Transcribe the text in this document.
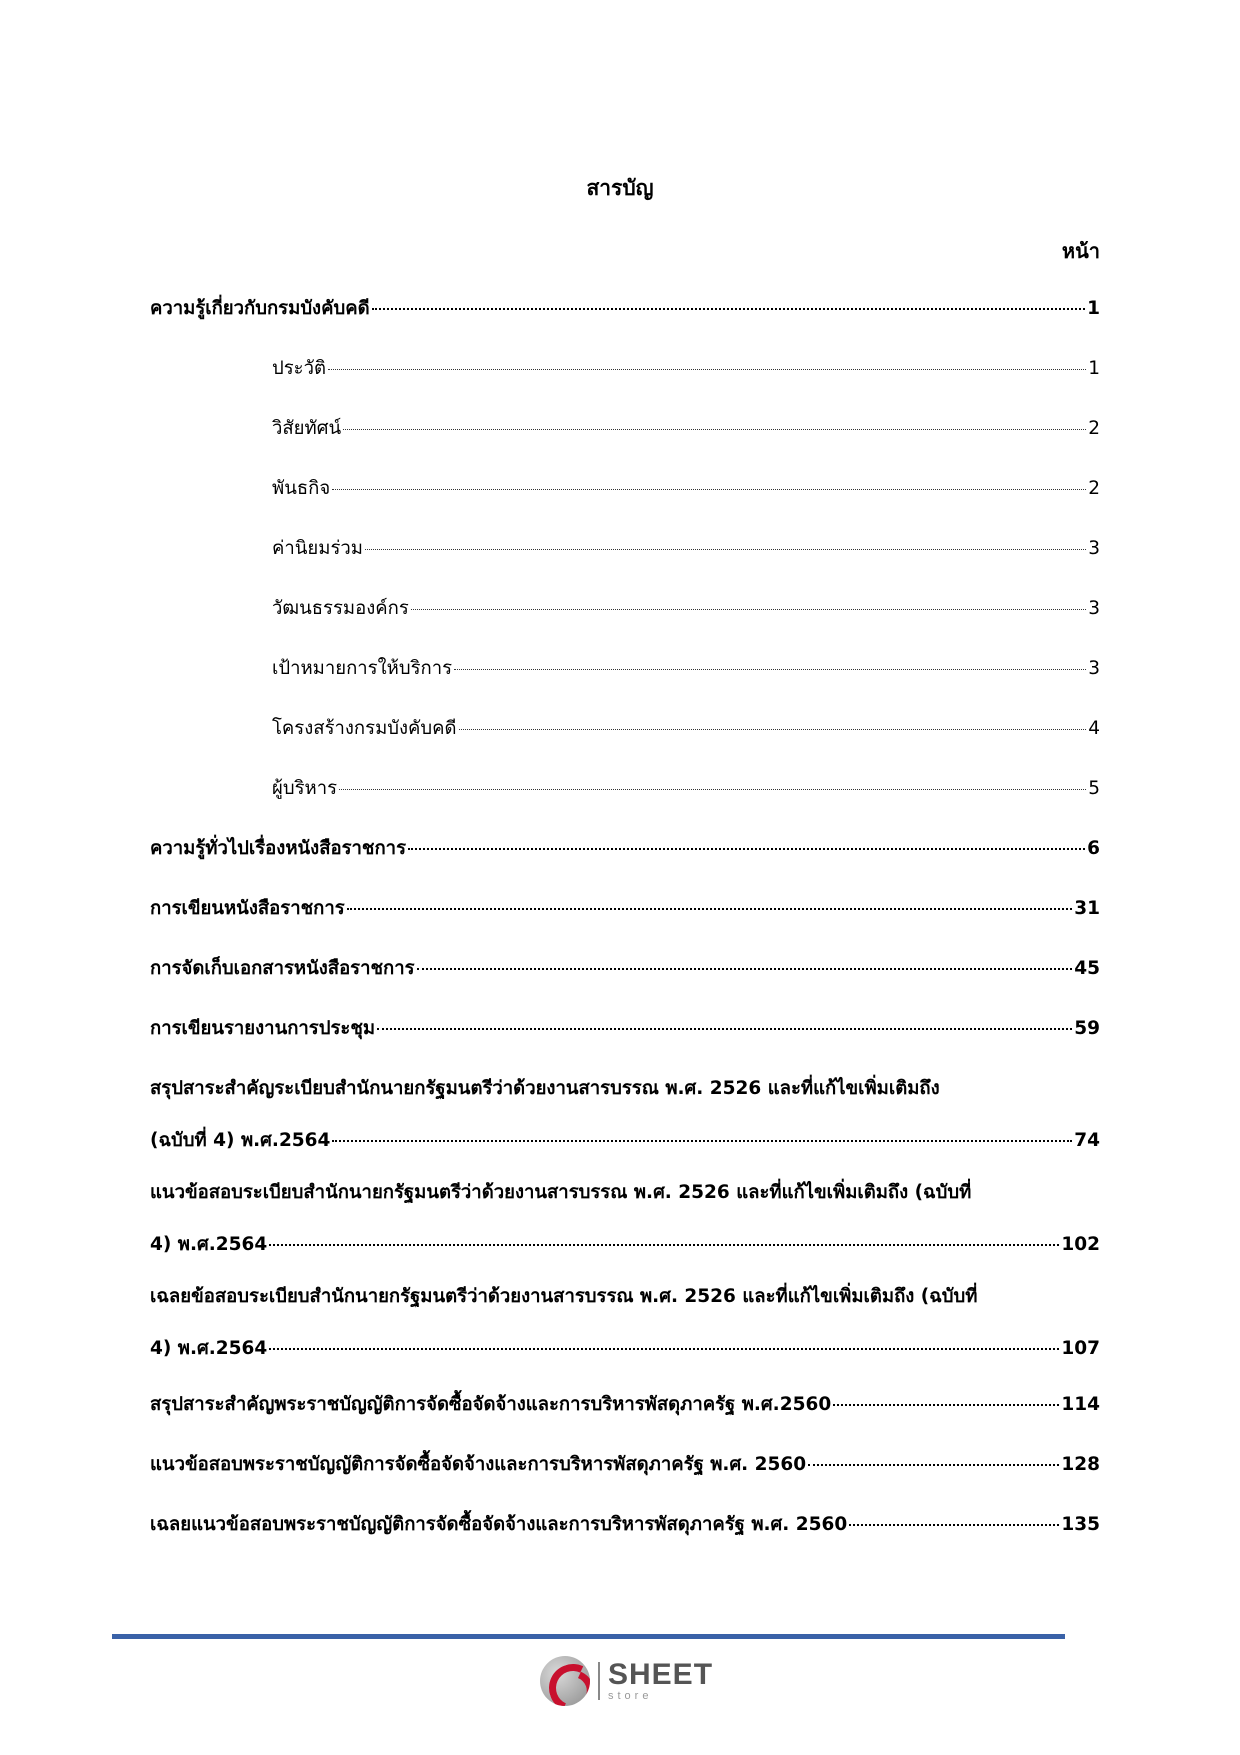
สารบัญ
หน้า
ความรู้เกี่ยวกับกรมบังคับคดี	1
ประวัติ	1
วิสัยทัศน์	2
พันธกิจ	2
ค่านิยมร่วม	3
วัฒนธรรมองค์กร	3
เป้าหมายการให้บริการ	3
โครงสร้างกรมบังคับคดี	4
ผู้บริหาร	5
ความรู้ทั่วไปเรื่องหนังสือราชการ	6
การเขียนหนังสือราชการ	31
การจัดเก็บเอกสารหนังสือราชการ	45
การเขียนรายงานการประชุม	59
สรุปสาระสำคัญระเบียบสำนักนายกรัฐมนตรีว่าด้วยงานสารบรรณ พ.ศ. 2526 และที่แก้ไขเพิ่มเติมถึง
(ฉบับที่ 4) พ.ศ.2564	74
แนวข้อสอบระเบียบสำนักนายกรัฐมนตรีว่าด้วยงานสารบรรณ พ.ศ. 2526 และที่แก้ไขเพิ่มเติมถึง (ฉบับที่
4) พ.ศ.2564	102
เฉลยข้อสอบระเบียบสำนักนายกรัฐมนตรีว่าด้วยงานสารบรรณ พ.ศ. 2526 และที่แก้ไขเพิ่มเติมถึง (ฉบับที่
4) พ.ศ.2564	107
สรุปสาระสำคัญพระราชบัญญัติการจัดซื้อจัดจ้างและการบริหารพัสดุภาครัฐ พ.ศ.2560	114
แนวข้อสอบพระราชบัญญัติการจัดซื้อจัดจ้างและการบริหารพัสดุภาครัฐ พ.ศ. 2560	128
เฉลยแนวข้อสอบพระราชบัญญัติการจัดซื้อจัดจ้างและการบริหารพัสดุภาครัฐ พ.ศ. 2560	135
SHEET
store
